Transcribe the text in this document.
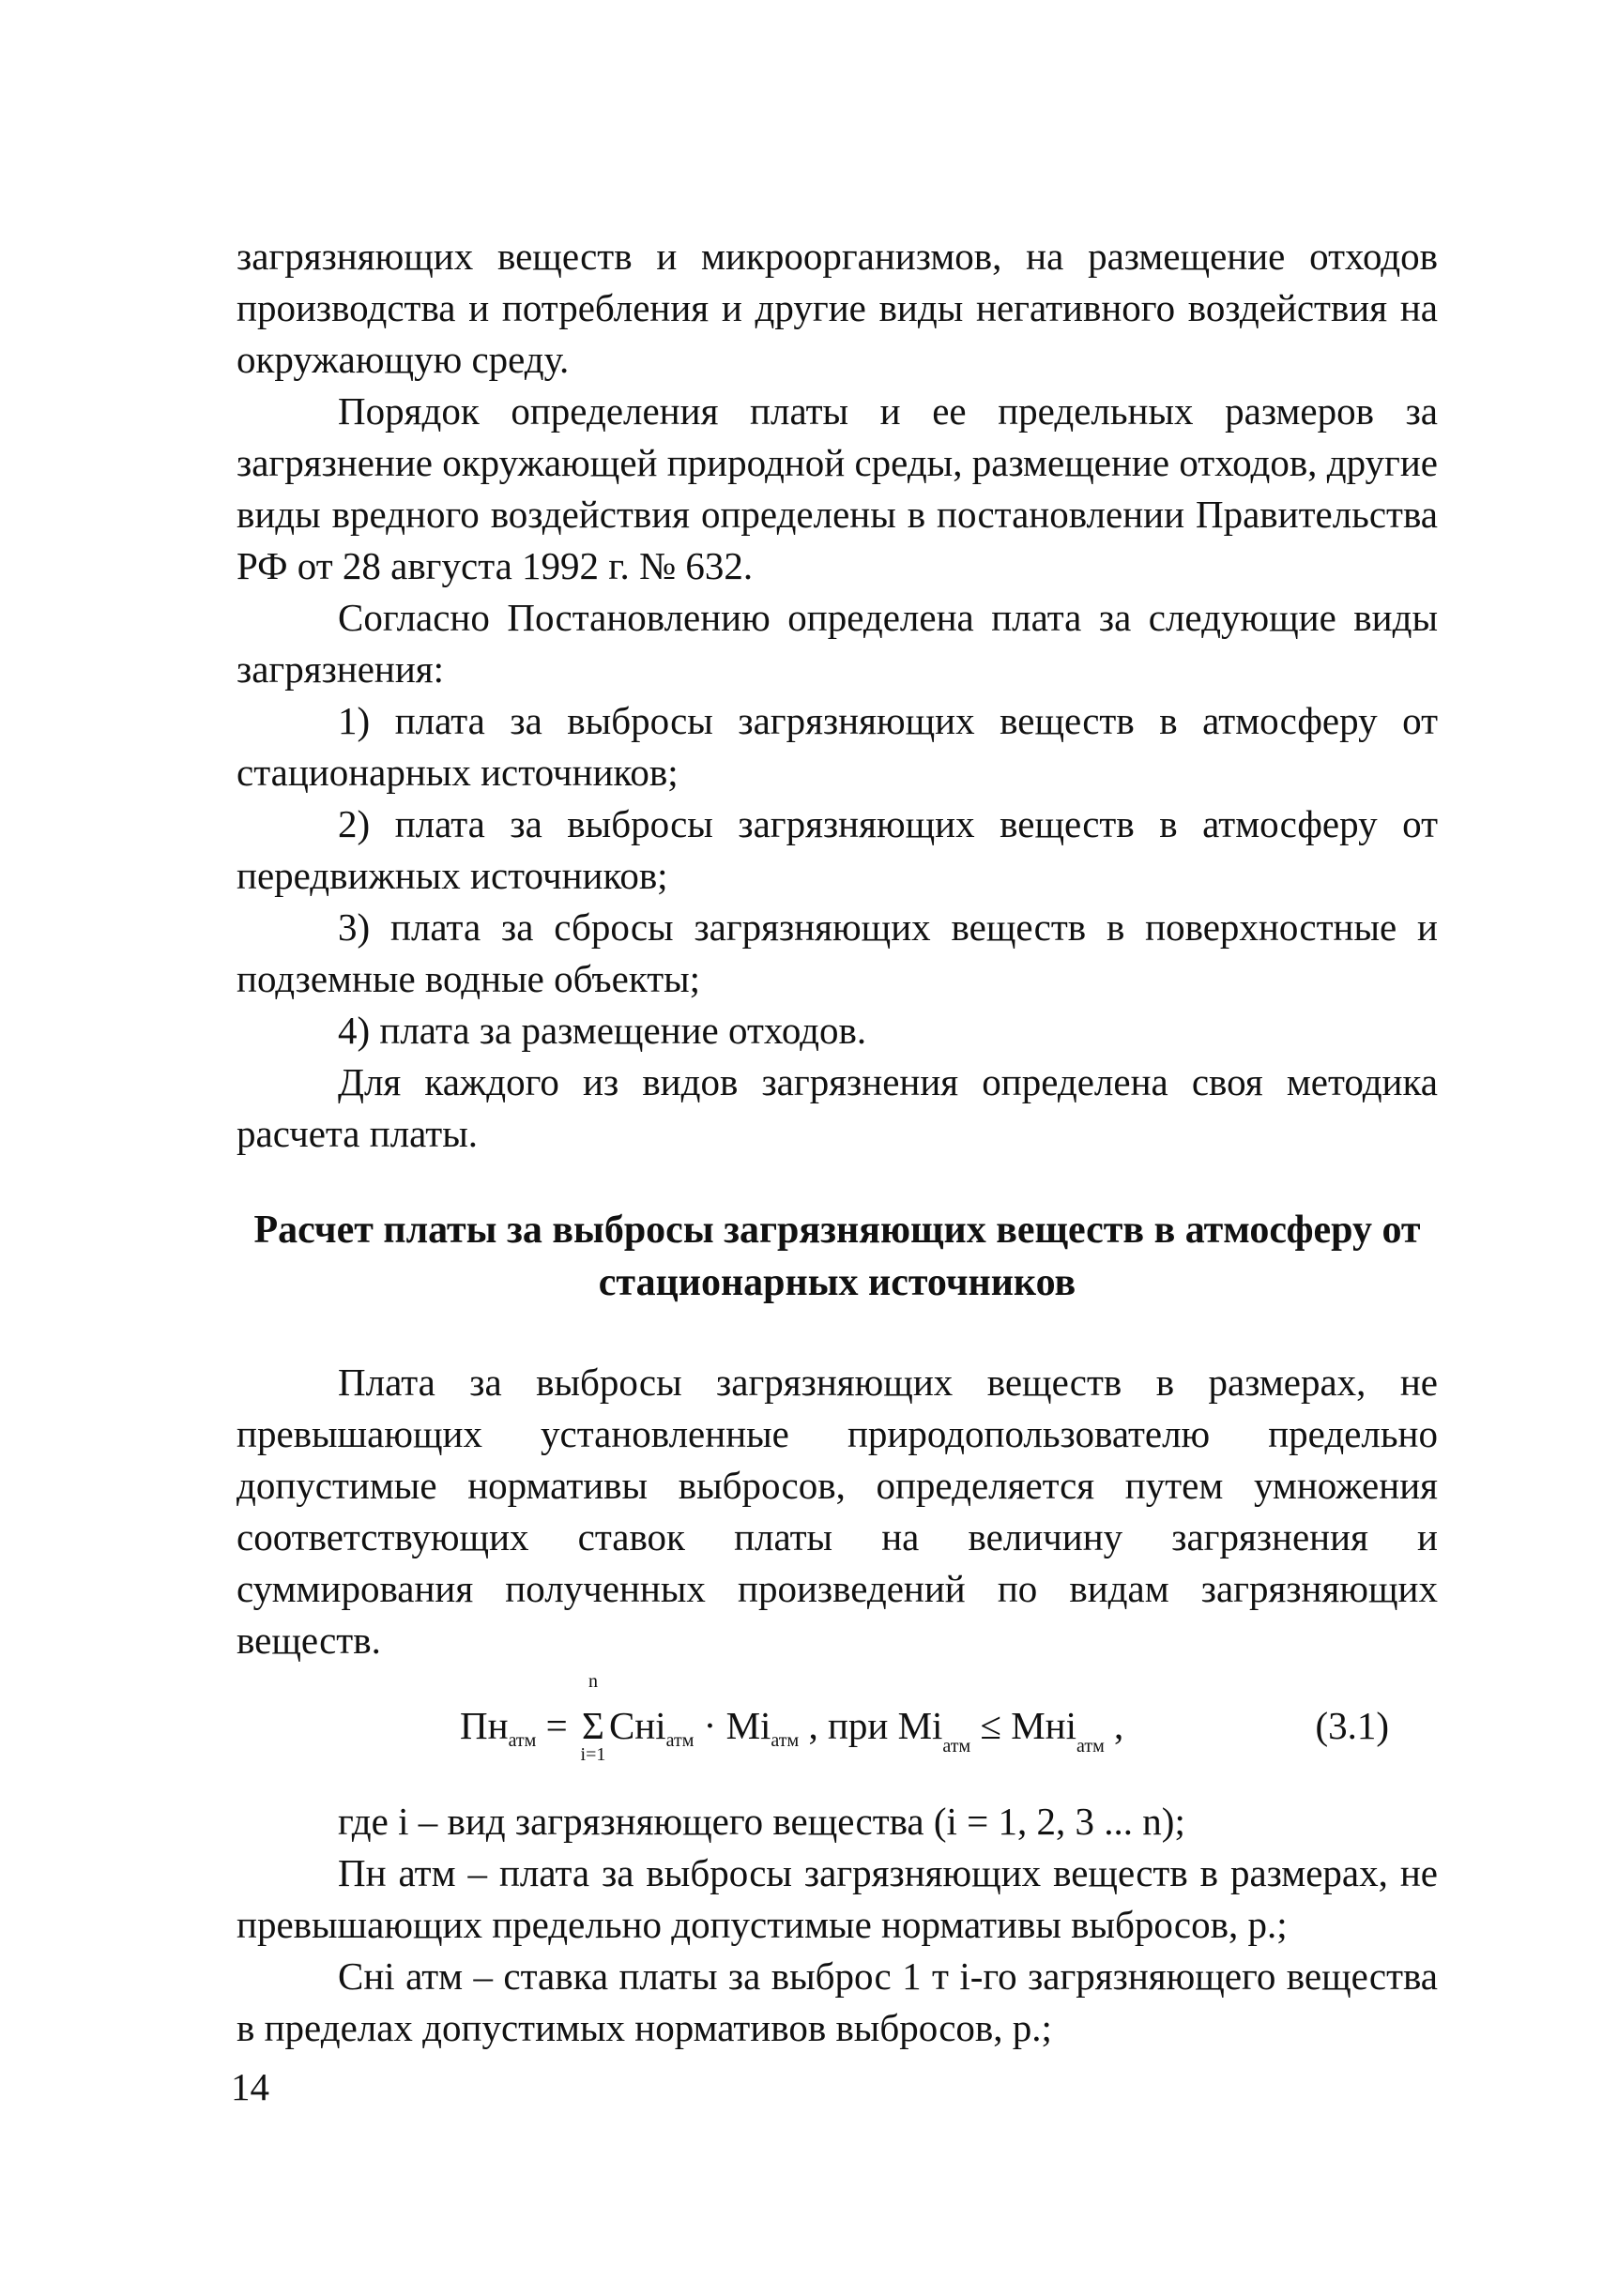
загрязняющих веществ и микроорганизмов, на размещение отходов производства и потребления и другие виды негативного воздействия на окружающую среду.

Порядок определения платы и ее предельных размеров за загрязнение окружающей природной среды, размещение отходов, другие виды вредного воздействия определены в постановлении Правительства РФ от 28 августа 1992 г. № 632.

Согласно Постановлению определена плата за следующие виды загрязнения:

1) плата за выбросы загрязняющих веществ в атмосферу от стационарных источников;

2) плата за выбросы загрязняющих веществ в атмосферу от передвижных источников;

3) плата за сбросы загрязняющих веществ в поверхностные и подземные водные объекты;

4) плата за размещение отходов.

Для каждого из видов загрязнения определена своя методика расчета платы.

Расчет платы за выбросы загрязняющих веществ в атмосферу от стационарных источников

Плата за выбросы загрязняющих веществ в размерах, не превышающих установленные природопользователю предельно допустимые нормативы выбросов, определяется путем умножения соответствующих ставок платы на величину загрязнения и суммирования полученных произведений по видам загрязняющих веществ.

Пнатм =
n
Σ
i=1
Сніатм · Міатм , при $Мі_{атм} \le Мні_{атм}$ ,	(3.1)

где i – вид загрязняющего вещества (i = 1, 2, 3 ... n);

Пн атм – плата за выбросы загрязняющих веществ в размерах, не превышающих предельно допустимые нормативы выбросов, р.;

Сні атм – ставка платы за выброс 1 т i-го загрязняющего вещества в пределах допустимых нормативов выбросов, р.;

14
